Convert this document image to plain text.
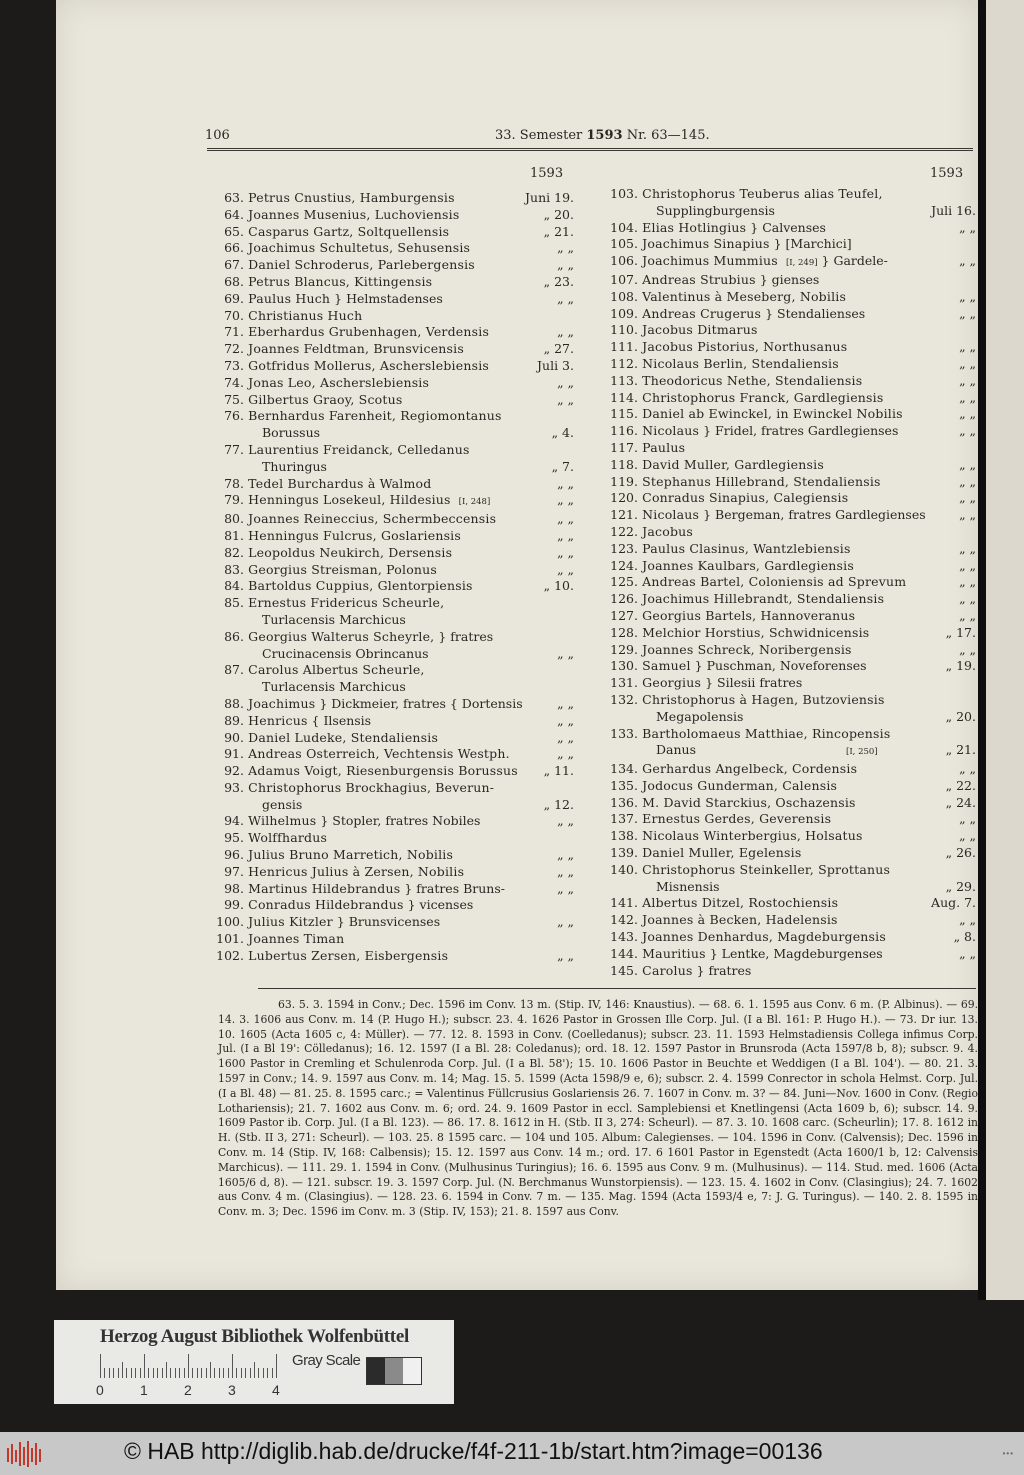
106	33. Semester 1593 Nr. 63—145.
1593	1593
63. Petrus Cnustius, Hamburgensis	Juni 19.
64. Joannes Musenius, Luchoviensis	„ 20.
65. Casparus Gartz, Soltquellensis	„ 21.
66. Joachimus Schultetus, Sehusensis	„ „
67. Daniel Schroderus, Parlebergensis	„ „
68. Petrus Blancus, Kittingensis	„ 23.
69. Paulus Huch } Helmstadenses	„ „
70. Christianus Huch
71. Eberhardus Grubenhagen, Verdensis	„ „
72. Joannes Feldtman, Brunsvicensis	„ 27.
73. Gotfridus Mollerus, Ascherslebiensis	Juli 3.
74. Jonas Leo, Ascherslebiensis	„ „
75. Gilbertus Graoy, Scotus	„ „
76. Bernhardus Farenheit, Regiomontanus
Borussus	„ 4.
77. Laurentius Freidanck, Celledanus
Thuringus	„ 7.
78. Tedel Burchardus à Walmod	„ „
79. Henningus Losekeul, Hildesius [I, 248]	„ „
80. Joannes Reineccius, Schermbeccensis	„ „
81. Henningus Fulcrus, Goslariensis	„ „
82. Leopoldus Neukirch, Dersensis	„ „
83. Georgius Streisman, Polonus	„ „
84. Bartoldus Cuppius, Glentorpiensis	„ 10.
85. Ernestus Fridericus Scheurle,
Turlacensis Marchicus
86. Georgius Walterus Scheyrle, } fratres
Crucinacensis Obrincanus	„ „
87. Carolus Albertus Scheurle,
Turlacensis Marchicus
88. Joachimus } Dickmeier, fratres { Dortensis	„ „
89. Henricus { Ilsensis	„ „
90. Daniel Ludeke, Stendaliensis	„ „
91. Andreas Osterreich, Vechtensis Westph.	„ „
92. Adamus Voigt, Riesenburgensis Borussus „ 11.
93. Christophorus Brockhagius, Beverun-
gensis	„ 12.
94. Wilhelmus } Stopler, fratres Nobiles	„ „
95. Wolffhardus
96. Julius Bruno Marretich, Nobilis	„ „
97. Henricus Julius à Zersen, Nobilis	„ „
98. Martinus Hildebrandus } fratres Bruns-	„ „
99. Conradus Hildebrandus } vicenses
100. Julius Kitzler } Brunsvicenses	„ „
101. Joannes Timan
102. Lubertus Zersen, Eisbergensis	„ „
103. Christophorus Teuberus alias Teufel,
Supplingburgensis	Juli 16.
104. Elias Hotlingius } Calvenses	„ „
105. Joachimus Sinapius } [Marchici]
106. Joachimus Mummius [I, 249] } Gardele-	„ „
107. Andreas Strubius } gienses
108. Valentinus à Meseberg, Nobilis	„ „
109. Andreas Crugerus } Stendalienses	„ „
110. Jacobus Ditmarus
111. Jacobus Pistorius, Northusanus	„ „
112. Nicolaus Berlin, Stendaliensis	„ „
113. Theodoricus Nethe, Stendaliensis	„ „
114. Christophorus Franck, Gardlegiensis	„ „
115. Daniel ab Ewinckel, in Ewinckel Nobilis	„ „
116. Nicolaus } Fridel, fratres Gardlegienses	„ „
117. Paulus
118. David Muller, Gardlegiensis	„ „
119. Stephanus Hillebrand, Stendaliensis	„ „
120. Conradus Sinapius, Calegiensis	„ „
121. Nicolaus } Bergeman, fratres Gardlegienses	„ „
122. Jacobus
123. Paulus Clasinus, Wantzlebiensis	„ „
124. Joannes Kaulbars, Gardlegiensis	„ „
125. Andreas Bartel, Coloniensis ad Sprevum	„ „
126. Joachimus Hillebrandt, Stendaliensis	„ „
127. Georgius Bartels, Hannoveranus	„ „
128. Melchior Horstius, Schwidnicensis	„ 17.
129. Joannes Schreck, Noribergensis	„ „
130. Samuel } Puschman, Noveforenses	„ 19.
131. Georgius } Silesii fratres
132. Christophorus à Hagen, Butzoviensis
Megapolensis	„ 20.
133. Bartholomaeus Matthiae, Rincopensis
Danus	[I, 250]	„ 21.
134. Gerhardus Angelbeck, Cordensis	„ „
135. Jodocus Gunderman, Calensis	„ 22.
136. M. David Starckius, Oschazensis	„ 24.
137. Ernestus Gerdes, Geverensis	„ „
138. Nicolaus Winterbergius, Holsatus	„ „
139. Daniel Muller, Egelensis	„ 26.
140. Christophorus Steinkeller, Sprottanus
Misnensis	„ 29.
141. Albertus Ditzel, Rostochiensis	Aug. 7.
142. Joannes à Becken, Hadelensis	„ „
143. Joannes Denhardus, Magdeburgensis	„ 8.
144. Mauritius } Lentke, Magdeburgenses	„ „
145. Carolus } fratres
63. 5. 3. 1594 in Conv.; Dec. 1596 im Conv. 13 m. (Stip. IV, 146: Knaustius). — 68. 6. 1. 1595 aus Conv. 6 m. (P. Albinus). — 69. 14. 3. 1606 aus Conv. m. 14 (P. Hugo H.); subscr. 23. 4. 1626 Pastor in Grossen Ille Corp. Jul. (I a Bl. 161: P. Hugo H.). — 73. Dr iur. 13. 10. 1605 (Acta 1605 c, 4: Müller). — 77. 12. 8. 1593 in Conv. (Coelledanus); subscr. 23. 11. 1593 Helmstadiensis Collega infimus Corp. Jul. (I a Bl 19': Cölledanus); 16. 12. 1597 (I a Bl. 28: Coledanus); ord. 18. 12. 1597 Pastor in Brunsroda (Acta 1597/8 b, 8); subscr. 9. 4. 1600 Pastor in Cremling et Schulenroda Corp. Jul. (I a Bl. 58'); 15. 10. 1606 Pastor in Beuchte et Weddigen (I a Bl. 104'). — 80. 21. 3. 1597 in Conv.; 14. 9. 1597 aus Conv. m. 14; Mag. 15. 5. 1599 (Acta 1598/9 e, 6); subscr. 2. 4. 1599 Conrector in schola Helmst. Corp. Jul. (I a Bl. 48) — 81. 25. 8. 1595 carc.; = Valentinus Füllcrusius Goslariensis 26. 7. 1607 in Conv. m. 3? — 84. Juni—Nov. 1600 in Conv. (Regio Lothariensis); 21. 7. 1602 aus Conv. m. 6; ord. 24. 9. 1609 Pastor in eccl. Samplebiensi et Knetlingensi (Acta 1609 b, 6); subscr. 14. 9. 1609 Pastor ib. Corp. Jul. (I a Bl. 123). — 86. 17. 8. 1612 in H. (Stb. II 3, 274: Scheurl). — 87. 3. 10. 1608 carc. (Scheurlin); 17. 8. 1612 in H. (Stb. II 3, 271: Scheurl). — 103. 25. 8 1595 carc. — 104 und 105. Album: Calegienses. — 104. 1596 in Conv. (Calvensis); Dec. 1596 in Conv. m. 14 (Stip. IV, 168: Calbensis); 15. 12. 1597 aus Conv. 14 m.; ord. 17. 6 1601 Pastor in Egenstedt (Acta 1600/1 b, 12: Calvensis Marchicus). — 111. 29. 1. 1594 in Conv. (Mulhusinus Turingius); 16. 6. 1595 aus Conv. 9 m. (Mulhusinus). — 114. Stud. med. 1606 (Acta 1605/6 d, 8). — 121. subscr. 19. 3. 1597 Corp. Jul. (N. Berchmanus Wunstorpiensis). — 123. 15. 4. 1602 in Conv. (Clasingius); 24. 7. 1602 aus Conv. 4 m. (Clasingius). — 128. 23. 6. 1594 in Conv. 7 m. — 135. Mag. 1594 (Acta 1593/4 e, 7: J. G. Turingus). — 140. 2. 8. 1595 in Conv. m. 3; Dec. 1596 im Conv. m. 3 (Stip. IV, 153); 21. 8. 1597 aus Conv.
Herzog August Bibliothek Wolfenbüttel
0	1	2	3	4
Gray Scale
© HAB http://diglib.hab.de/drucke/f4f-211-1b/start.htm?image=00136	•••
